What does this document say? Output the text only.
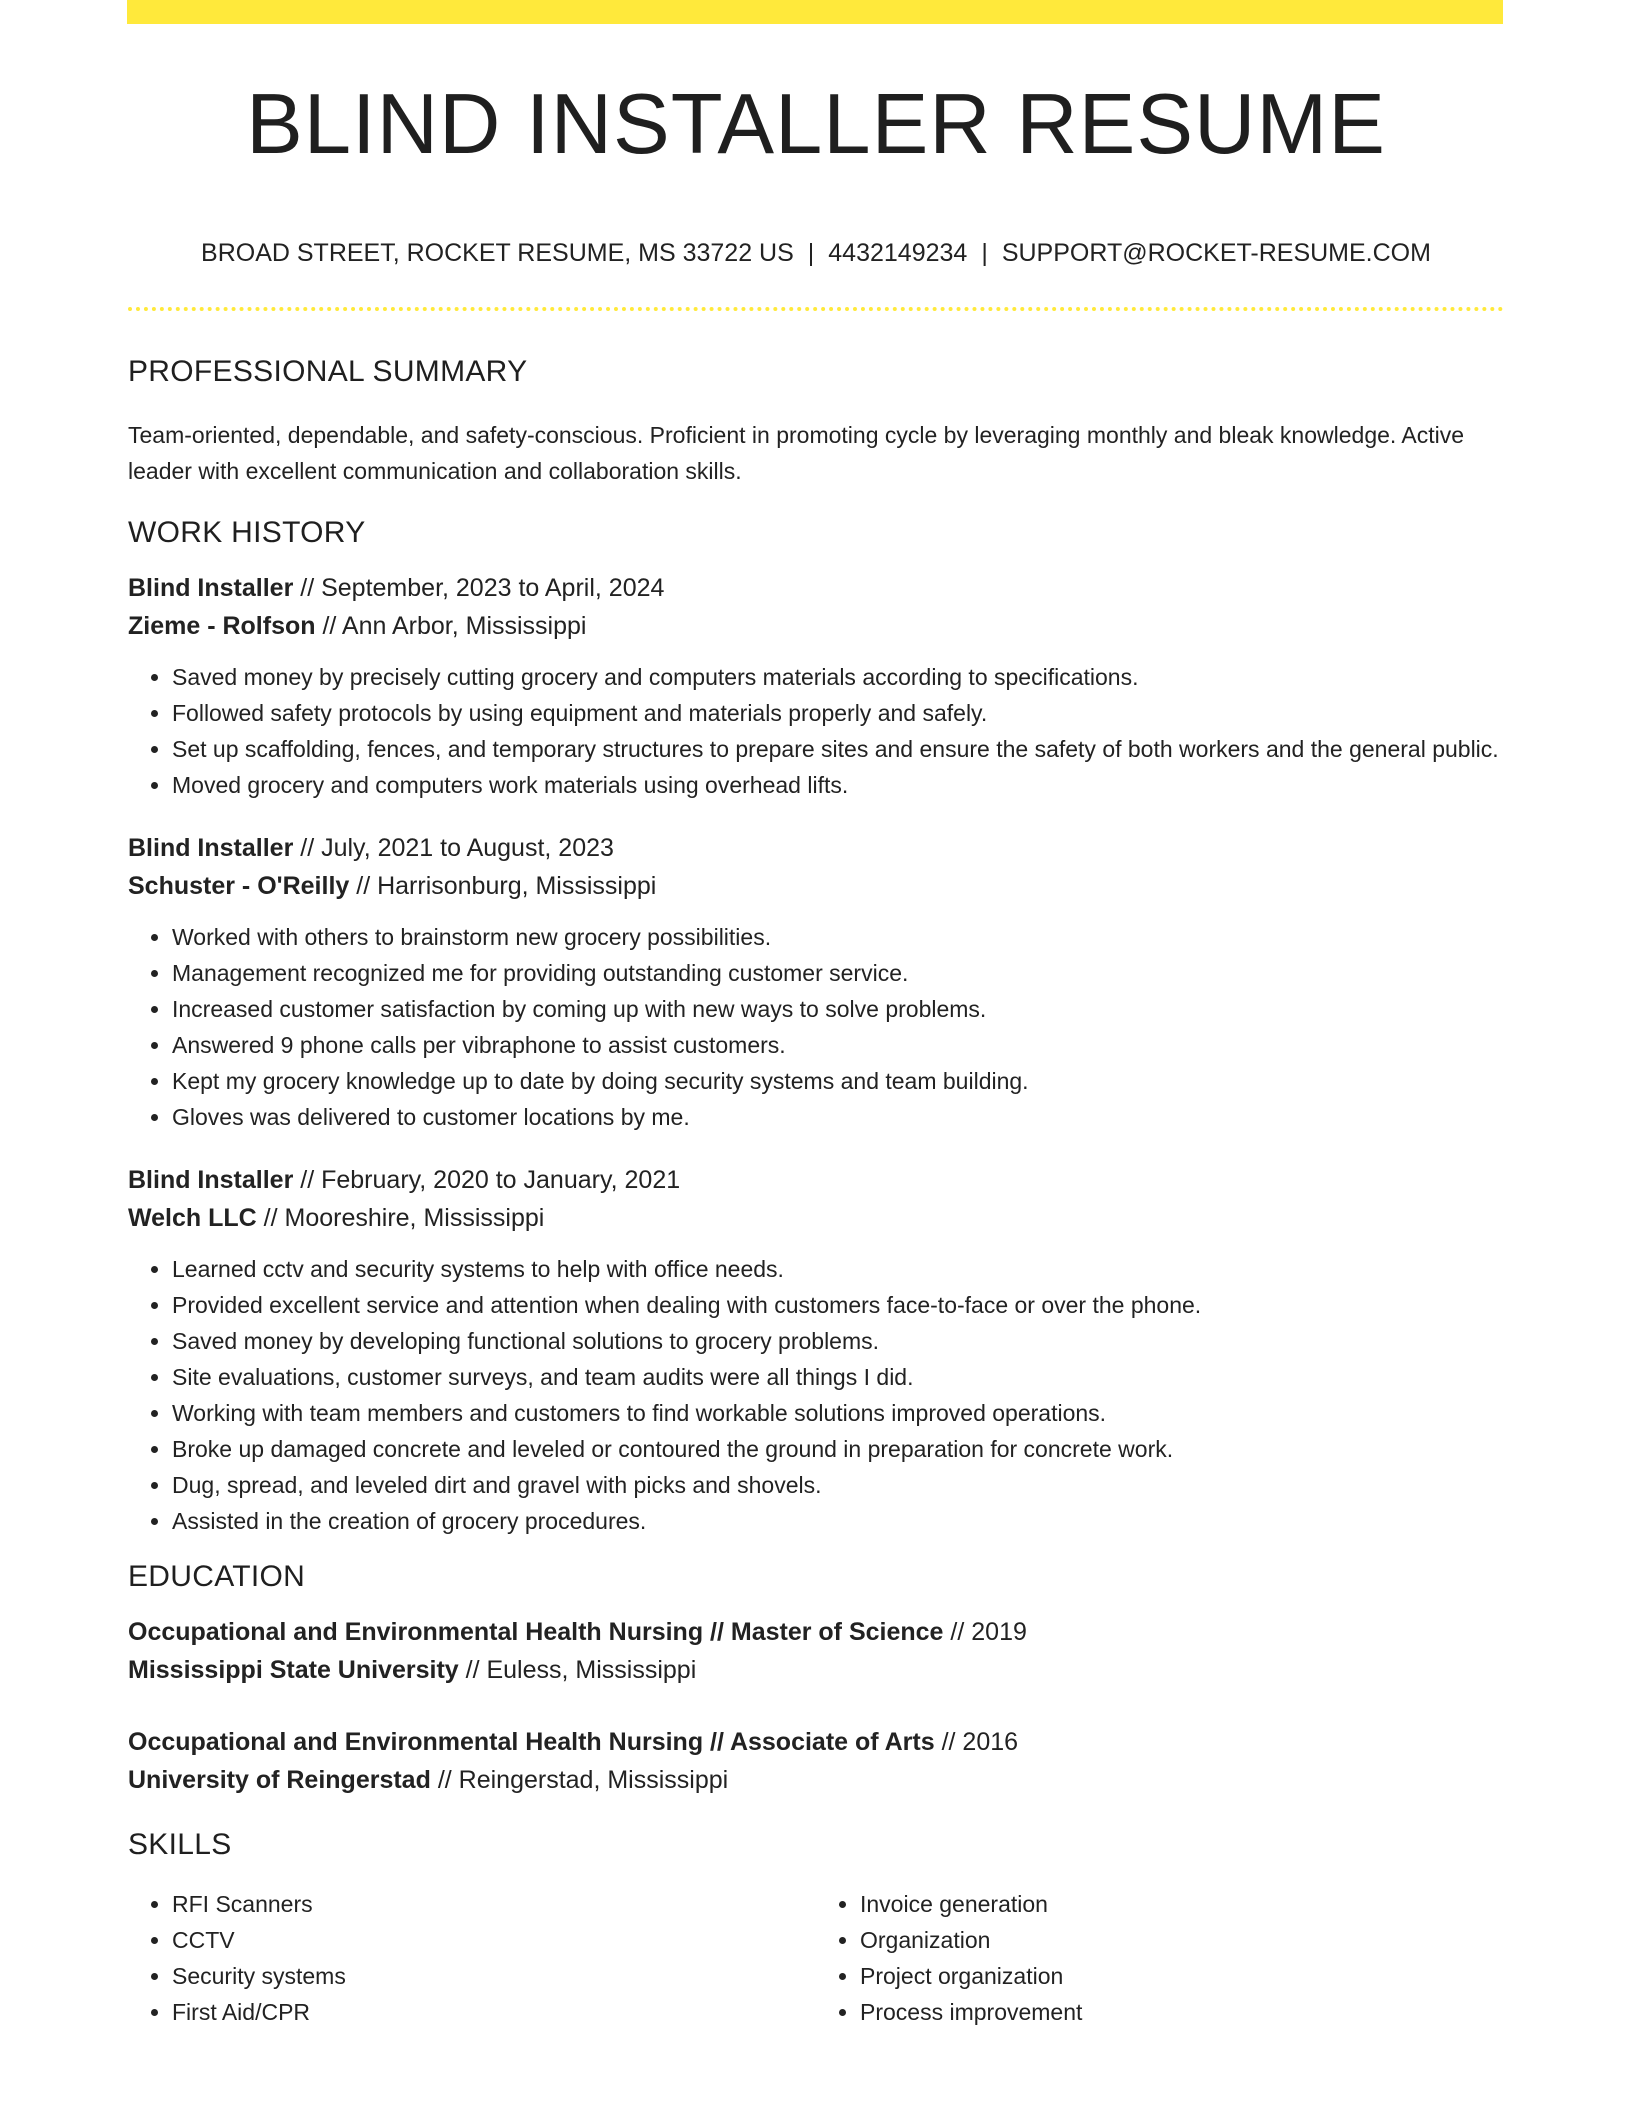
BLIND INSTALLER RESUME
BROAD STREET, ROCKET RESUME, MS 33722 US | 4432149234 | SUPPORT@ROCKET-RESUME.COM
PROFESSIONAL SUMMARY

Team-oriented, dependable, and safety-conscious. Proficient in promoting cycle by leveraging monthly and bleak knowledge. Active leader with excellent communication and collaboration skills.

WORK HISTORY

Blind Installer // September, 2023 to April, 2024

Zieme - Rolfson // Ann Arbor, Mississippi

• Saved money by precisely cutting grocery and computers materials according to specifications.
• Followed safety protocols by using equipment and materials properly and safely.
• Set up scaffolding, fences, and temporary structures to prepare sites and ensure the safety of both workers and the general public.
• Moved grocery and computers work materials using overhead lifts.

Blind Installer // July, 2021 to August, 2023

Schuster - O'Reilly // Harrisonburg, Mississippi

• Worked with others to brainstorm new grocery possibilities.
• Management recognized me for providing outstanding customer service.
• Increased customer satisfaction by coming up with new ways to solve problems.
• Answered 9 phone calls per vibraphone to assist customers.
• Kept my grocery knowledge up to date by doing security systems and team building.
• Gloves was delivered to customer locations by me.

Blind Installer // February, 2020 to January, 2021

Welch LLC // Mooreshire, Mississippi

• Learned cctv and security systems to help with office needs.
• Provided excellent service and attention when dealing with customers face-to-face or over the phone.
• Saved money by developing functional solutions to grocery problems.
• Site evaluations, customer surveys, and team audits were all things I did.
• Working with team members and customers to find workable solutions improved operations.
• Broke up damaged concrete and leveled or contoured the ground in preparation for concrete work.
• Dug, spread, and leveled dirt and gravel with picks and shovels.
• Assisted in the creation of grocery procedures.
EDUCATION

Occupational and Environmental Health Nursing // Master of Science // 2019

Mississippi State University // Euless, Mississippi

Occupational and Environmental Health Nursing // Associate of Arts // 2016

University of Reingerstad // Reingerstad, Mississippi

SKILLS
• RFI Scanners
• CCTV
• Security systems
• First Aid/CPR
• Invoice generation
• Organization
• Project organization
• Process improvement
